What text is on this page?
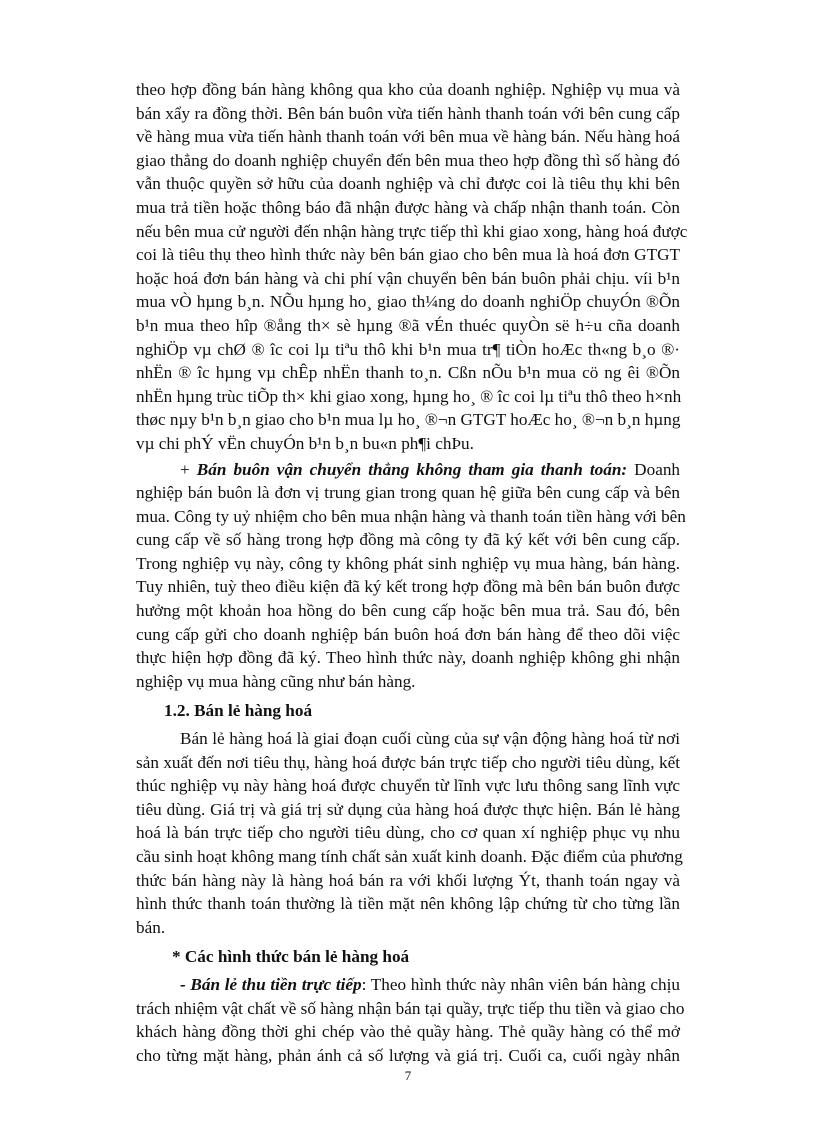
theo hợp đồng bán hàng không qua kho của doanh nghiệp. Nghiệp vụ mua và
bán xẩy ra đồng thời. Bên bán buôn vừa tiến hành thanh toán với bên cung cấp
về hàng mua vừa tiến hành thanh toán với bên mua về hàng bán. Nếu hàng hoá
giao thẳng do doanh nghiệp chuyển đến bên mua theo hợp đồng thì số hàng đó
vẫn thuộc quyền sở hữu của doanh nghiệp và chỉ được coi là tiêu thụ khi bên
mua trả tiền hoặc thông báo đã nhận được hàng và chấp nhận thanh toán. Còn
nếu bên mua cử người đến nhận hàng trực tiếp thì khi giao xong, hàng hoá được
coi là tiêu thụ theo hình thức này bên bán giao cho bên mua là hoá đơn GTGT
hoặc hoá đơn bán hàng và chi phí vận chuyển bên bán buôn phải chịu. víi b¹n
mua vÒ hµng b¸n. NÕu hµng ho¸ giao th¼ng do doanh nghiÖp chuyÓn ®Õn
b¹n mua theo hîp ®ång th× sè hµng ®ã vÉn thuéc quyÒn së h÷u cña doanh
nghiÖp vµ chØ ® îc coi lµ tiªu thô khi b¹n mua tr¶ tiÒn hoÆc th«ng b¸o ®·
nhËn ® îc hµng vµ chÊp nhËn thanh to¸n. Cßn nÕu b¹n mua cö ng êi ®Õn
nhËn hµng trùc tiÕp th× khi giao xong, hµng ho¸ ® îc coi lµ tiªu thô theo h×nh
thøc nµy b¹n b¸n giao cho b¹n mua lµ ho¸ ®¬n GTGT hoÆc ho¸ ®¬n b¸n hµng
vµ chi phÝ vËn chuyÓn b¹n b¸n bu«n ph¶i chÞu.
+ Bán buôn vận chuyển thẳng không tham gia thanh toán: Doanh
nghiệp bán buôn là đơn vị trung gian trong quan hệ giữa bên cung cấp và bên
mua. Công ty uỷ nhiệm cho bên mua nhận hàng và thanh toán tiền hàng với bên
cung cấp về số hàng trong hợp đồng mà công ty đã ký kết với bên cung cấp.
Trong nghiệp vụ này, công ty không phát sinh nghiệp vụ mua hàng, bán hàng.
Tuy nhiên, tuỳ theo điều kiện đã ký kết trong hợp đồng mà bên bán buôn được
hưởng một khoản hoa hồng do bên cung cấp hoặc bên mua trả. Sau đó, bên
cung cấp gửi cho doanh nghiệp bán buôn hoá đơn bán hàng để theo dõi việc
thực hiện hợp đồng đã ký. Theo hình thức này, doanh nghiệp không ghi nhận
nghiệp vụ mua hàng cũng như bán hàng.
1.2. Bán lẻ hàng hoá
Bán lẻ hàng hoá là giai đoạn cuối cùng của sự vận động hàng hoá từ nơi
sản xuất đến nơi tiêu thụ, hàng hoá được bán trực tiếp cho người tiêu dùng, kết
thúc nghiệp vụ này hàng hoá được chuyển từ lĩnh vực lưu thông sang lĩnh vực
tiêu dùng. Giá trị và giá trị sử dụng của hàng hoá được thực hiện. Bán lẻ hàng
hoá là bán trực tiếp cho người tiêu dùng, cho cơ quan xí nghiệp phục vụ nhu
cầu sinh hoạt không mang tính chất sản xuất kinh doanh. Đặc điểm của phương
thức bán hàng này là hàng hoá bán ra với khối lượng Ýt, thanh toán ngay và
hình thức thanh toán thường là tiền mặt nên không lập chứng từ cho từng lần
bán.
* Các hình thức bán lẻ hàng hoá
- Bán lẻ thu tiền trực tiếp: Theo hình thức này nhân viên bán hàng chịu
trách nhiệm vật chất về số hàng nhận bán tại quầy, trực tiếp thu tiền và giao cho
khách hàng đồng thời ghi chép vào thẻ quầy hàng. Thẻ quầy hàng có thể mở
cho từng mặt hàng, phản ánh cả số lượng và giá trị. Cuối ca, cuối ngày nhân
7
